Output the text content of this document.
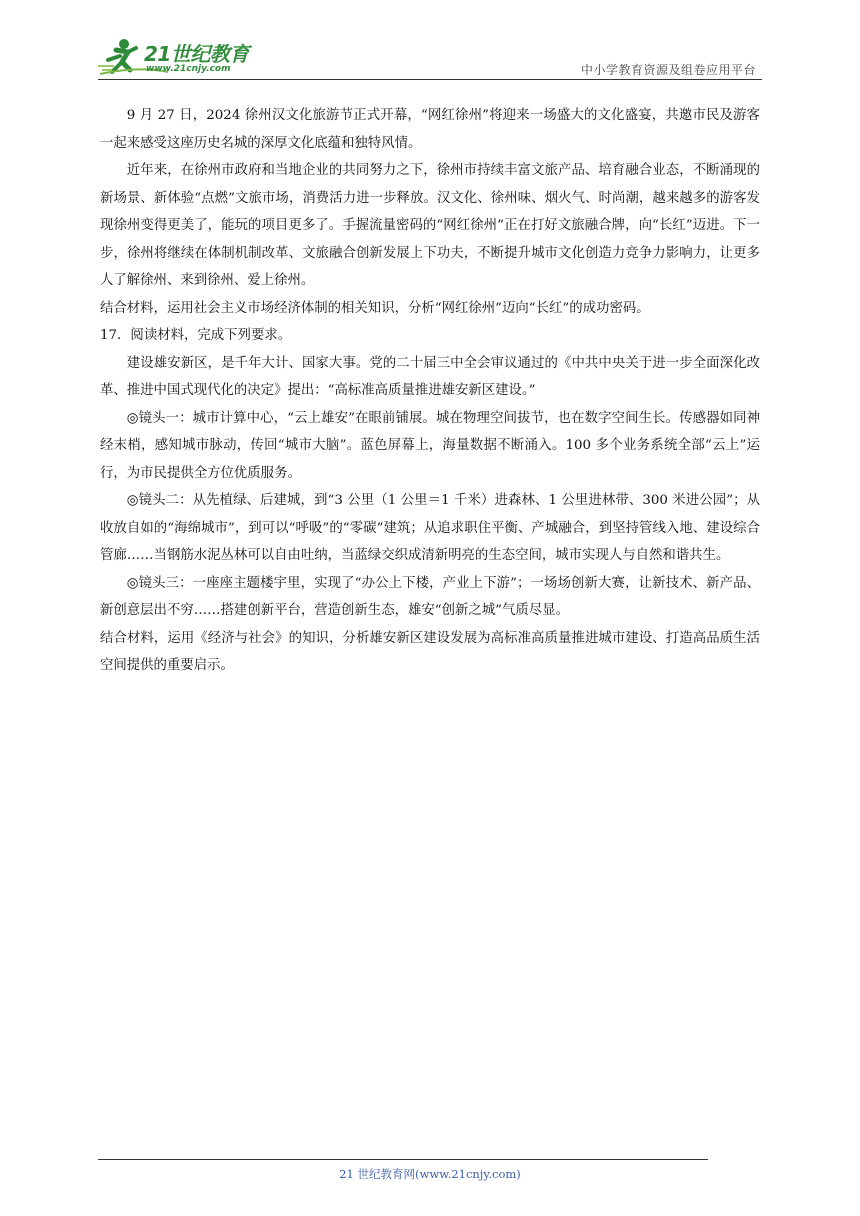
21世纪教育
www.21cnjy.com	中小学教育资源及组卷应用平台

9 月 27 日，2024 徐州汉文化旅游节正式开幕，“网红徐州”将迎来一场盛大的文化盛宴，共邀市民及游客一起来感受这座历史名城的深厚文化底蕴和独特风情。

近年来，在徐州市政府和当地企业的共同努力之下，徐州市持续丰富文旅产品、培育融合业态，不断涌现的新场景、新体验“点燃”文旅市场，消费活力进一步释放。汉文化、徐州味、烟火气、时尚潮，越来越多的游客发现徐州变得更美了，能玩的项目更多了。手握流量密码的“网红徐州”正在打好文旅融合牌，向“长红”迈进。下一步，徐州将继续在体制机制改革、文旅融合创新发展上下功夫，不断提升城市文化创造力竞争力影响力，让更多人了解徐州、来到徐州、爱上徐州。

结合材料，运用社会主义市场经济体制的相关知识，分析“网红徐州”迈向“长红”的成功密码。

17．阅读材料，完成下列要求。

建设雄安新区，是千年大计、国家大事。党的二十届三中全会审议通过的《中共中央关于进一步全面深化改革、推进中国式现代化的决定》提出：“高标准高质量推进雄安新区建设。”

◎镜头一：城市计算中心，“云上雄安”在眼前铺展。城在物理空间拔节，也在数字空间生长。传感器如同神经末梢，感知城市脉动，传回“城市大脑”。蓝色屏幕上，海量数据不断涌入。100 多个业务系统全部“云上”运行，为市民提供全方位优质服务。

◎镜头二：从先植绿、后建城，到“3 公里（1 公里＝1 千米）进森林、1 公里进林带、300 米进公园”；从收放自如的“海绵城市”，到可以“呼吸”的“零碳”建筑；从追求职住平衡、产城融合，到坚持管线入地、建设综合管廊……当钢筋水泥丛林可以自由吐纳，当蓝绿交织成清新明亮的生态空间，城市实现人与自然和谐共生。

◎镜头三：一座座主题楼宇里，实现了“办公上下楼，产业上下游”；一场场创新大赛，让新技术、新产品、新创意层出不穷……搭建创新平台，营造创新生态，雄安“创新之城”气质尽显。

结合材料，运用《经济与社会》的知识，分析雄安新区建设发展为高标准高质量推进城市建设、打造高品质生活空间提供的重要启示。

21 世纪教育网(www.21cnjy.com)
